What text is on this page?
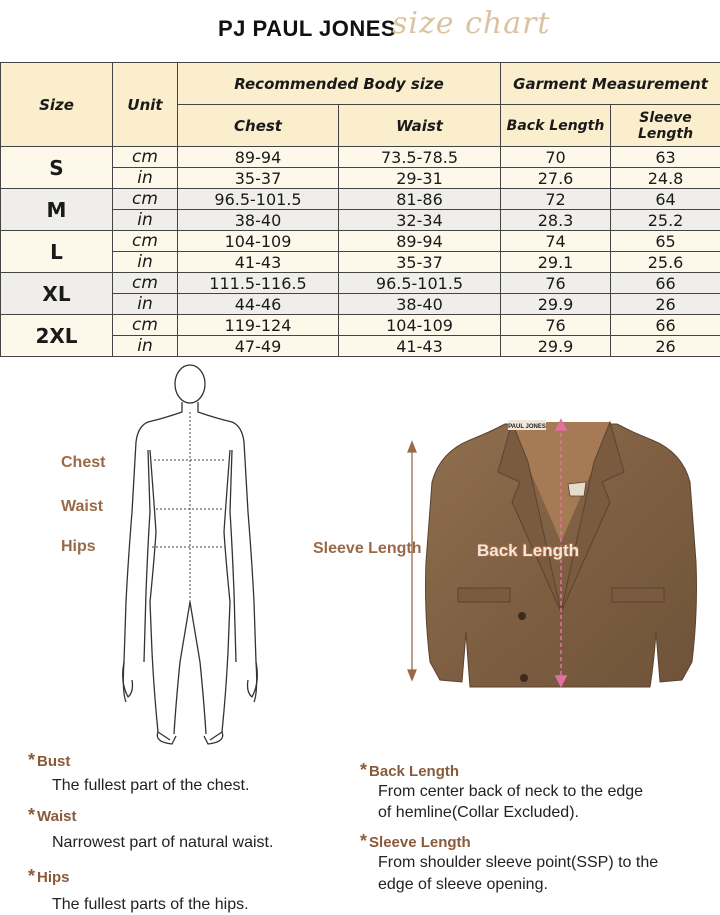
PJ PAUL JONES
size chart
Size	Unit	Recommended Body size		Garment Measurement	
		Chest	Waist	Back Length	Sleeve Length
S	cm	89-94	73.5-78.5	70	63
	in	35-37	29-31	27.6	24.8
M	cm	96.5-101.5	81-86	72	64
	in	38-40	32-34	28.3	25.2
L	cm	104-109	89-94	74	65
	in	41-43	35-37	29.1	25.6
XL	cm	111.5-116.5	96.5-101.5	76	66
	in	44-46	38-40	29.9	26
2XL	cm	119-124	104-109	76	66
	in	47-49	41-43	29.9	26
Chest
Waist
Hips
PAUL JONES
Sleeve Length	Back Length
* Bust
The fullest part of the chest.
* Waist
Narrowest part of natural waist.
* Hips
The fullest parts of the hips.
* Back Length
From center back of neck to the edge
of hemline(Collar Excluded).
* Sleeve Length
From shoulder sleeve point(SSP) to the
edge of sleeve opening.
